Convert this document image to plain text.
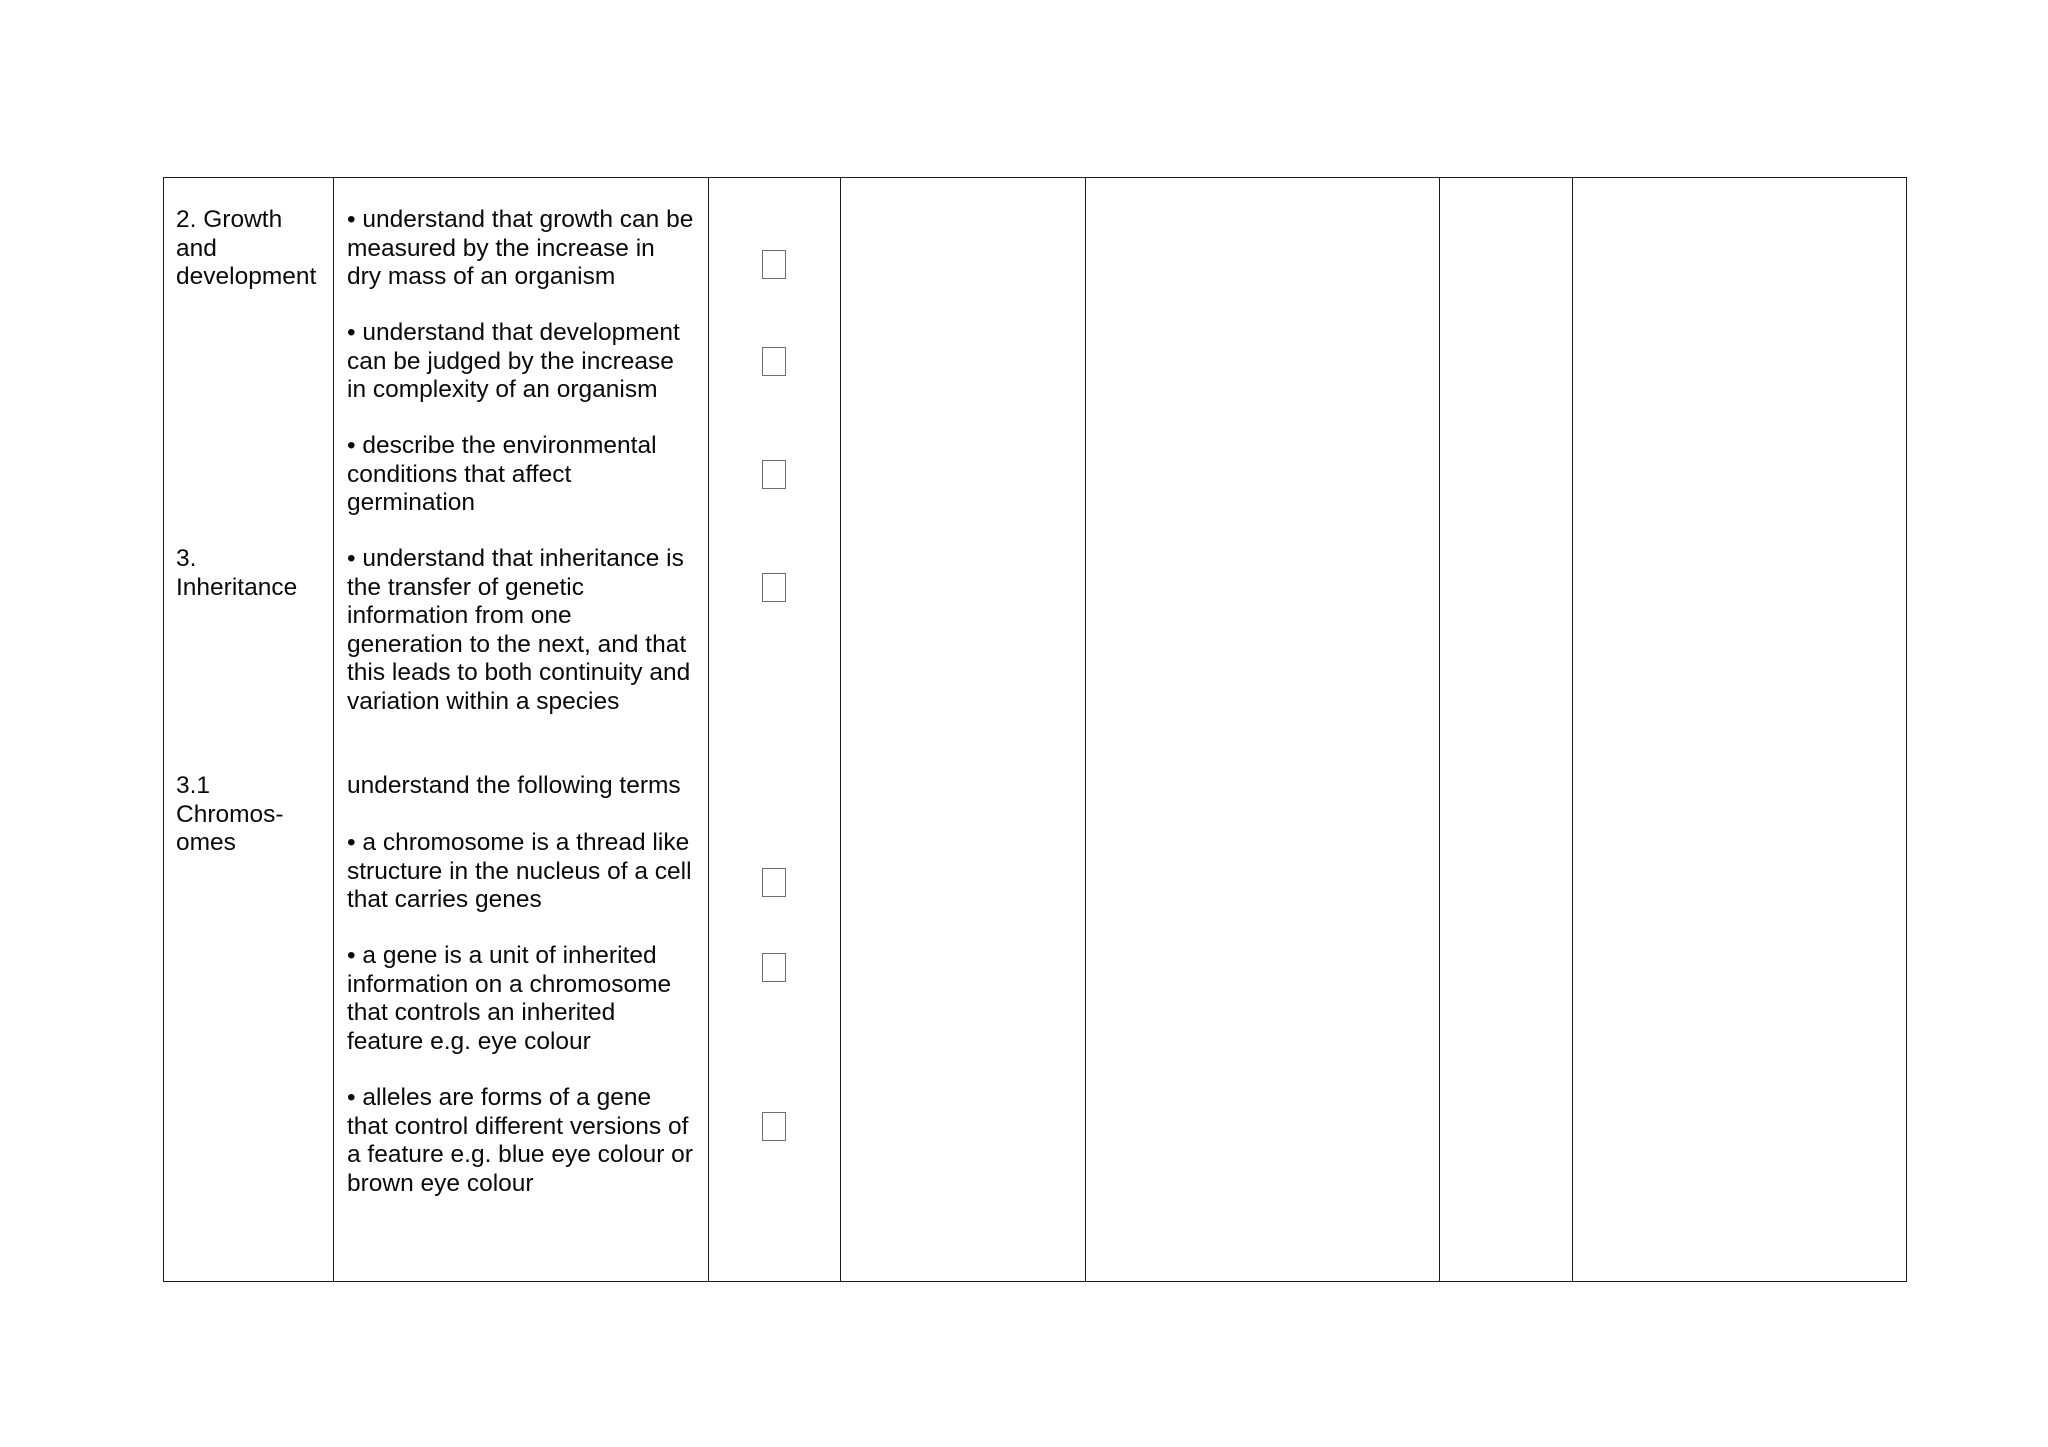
2. Growth
and
development
3.
Inheritance
3.1
Chromos-
omes
• understand that growth can be
measured by the increase in
dry mass of an organism
• understand that development
can be judged by the increase
in complexity of an organism
• describe the environmental
conditions that affect
germination
• understand that inheritance is
the transfer of genetic
information from one
generation to the next, and that
this leads to both continuity and
variation within a species
understand the following terms
• a chromosome is a thread like
structure in the nucleus of a cell
that carries genes
• a gene is a unit of inherited
information on a chromosome
that controls an inherited
feature e.g. eye colour
• alleles are forms of a gene
that control different versions of
a feature e.g. blue eye colour or
brown eye colour
